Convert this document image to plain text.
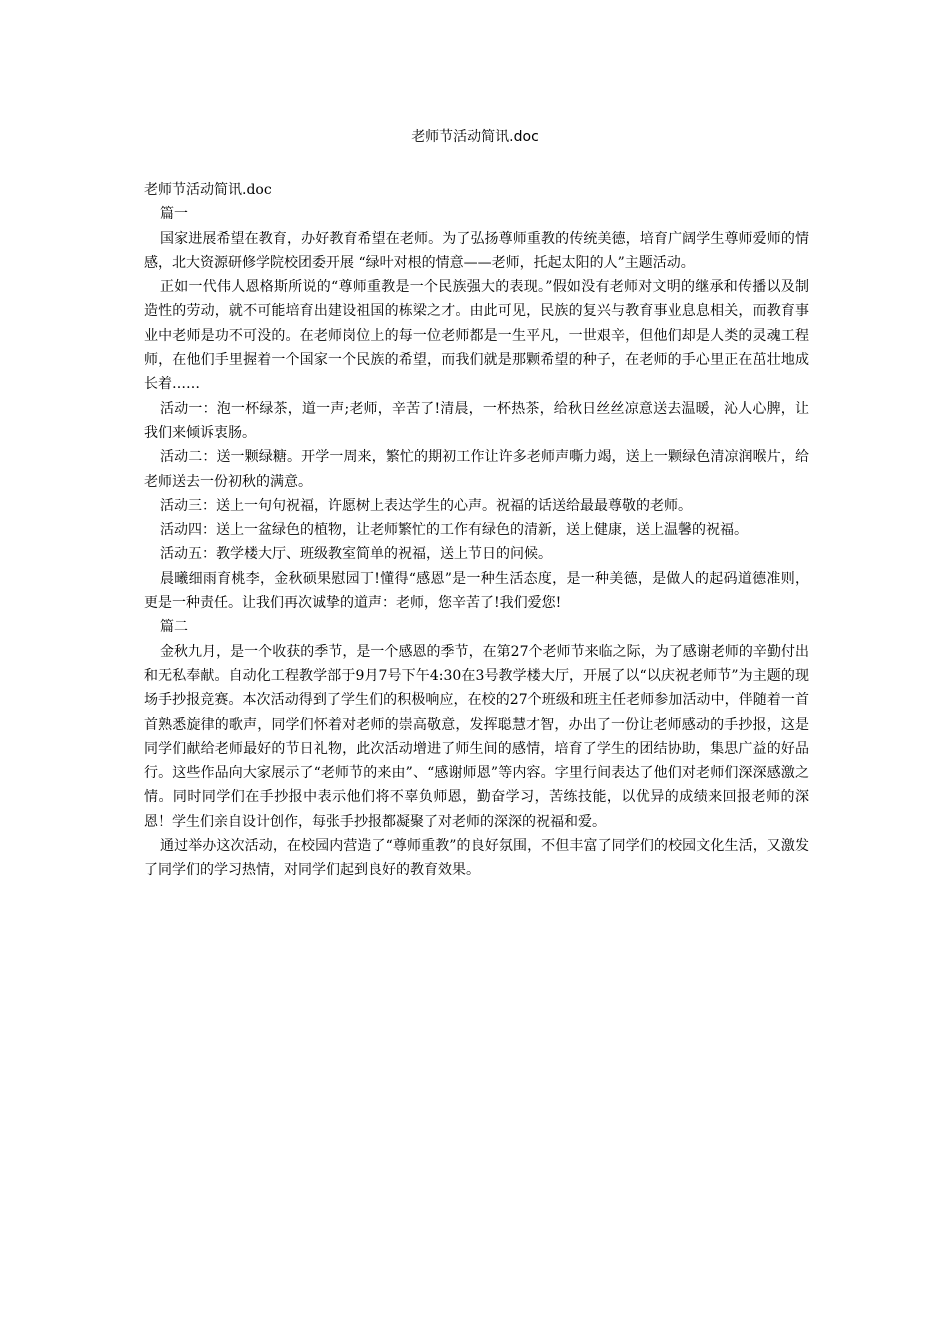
老师节活动简讯.doc

老师节活动简讯.doc

篇一

国家进展希望在教育，办好教育希望在老师。为了弘扬尊师重教的传统美德，培育广阔学生尊师爱师的情感，北大资源研修学院校团委开展 “绿叶对根的情意——老师，托起太阳的人”主题活动。

正如一代伟人恩格斯所说的“尊师重教是一个民族强大的表现。”假如没有老师对文明的继承和传播以及制造性的劳动，就不可能培育出建设祖国的栋梁之才。由此可见，民族的复兴与教育事业息息相关，而教育事业中老师是功不可没的。在老师岗位上的每一位老师都是一生平凡，一世艰辛，但他们却是人类的灵魂工程师，在他们手里握着一个国家一个民族的希望，而我们就是那颗希望的种子，在老师的手心里正在茁壮地成长着……

活动一：泡一杯绿茶，道一声;老师，辛苦了!清晨，一杯热茶，给秋日丝丝凉意送去温暖，沁人心脾，让我们来倾诉衷肠。

活动二：送一颗绿糖。开学一周来，繁忙的期初工作让许多老师声嘶力竭，送上一颗绿色清凉润喉片，给老师送去一份初秋的满意。

活动三：送上一句句祝福，许愿树上表达学生的心声。祝福的话送给最最尊敬的老师。

活动四：送上一盆绿色的植物，让老师繁忙的工作有绿色的清新，送上健康，送上温馨的祝福。

活动五：教学楼大厅、班级教室简单的祝福，送上节日的问候。

晨曦细雨育桃李，金秋硕果慰园丁!懂得“感恩”是一种生活态度，是一种美德，是做人的起码道德准则，更是一种责任。让我们再次诚挚的道声：老师，您辛苦了!我们爱您!

篇二

金秋九月，是一个收获的季节，是一个感恩的季节，在第27个老师节来临之际，为了感谢老师的辛勤付出和无私奉献。自动化工程教学部于9月7号下午4:30在3号教学楼大厅，开展了以“以庆祝老师节”为主题的现场手抄报竞赛。本次活动得到了学生们的积极响应，在校的27个班级和班主任老师参加活动中，伴随着一首首熟悉旋律的歌声，同学们怀着对老师的崇高敬意，发挥聪慧才智，办出了一份让老师感动的手抄报，这是同学们献给老师最好的节日礼物，此次活动增进了师生间的感情，培育了学生的团结协助，集思广益的好品行。这些作品向大家展示了“老师节的来由”、“感谢师恩”等内容。字里行间表达了他们对老师们深深感激之情。同时同学们在手抄报中表示他们将不辜负师恩，勤奋学习，苦练技能，以优异的成绩来回报老师的深恩！学生们亲自设计创作，每张手抄报都凝聚了对老师的深深的祝福和爱。

通过举办这次活动，在校园内营造了“尊师重教”的良好氛围，不但丰富了同学们的校园文化生活，又激发了同学们的学习热情，对同学们起到良好的教育效果。
